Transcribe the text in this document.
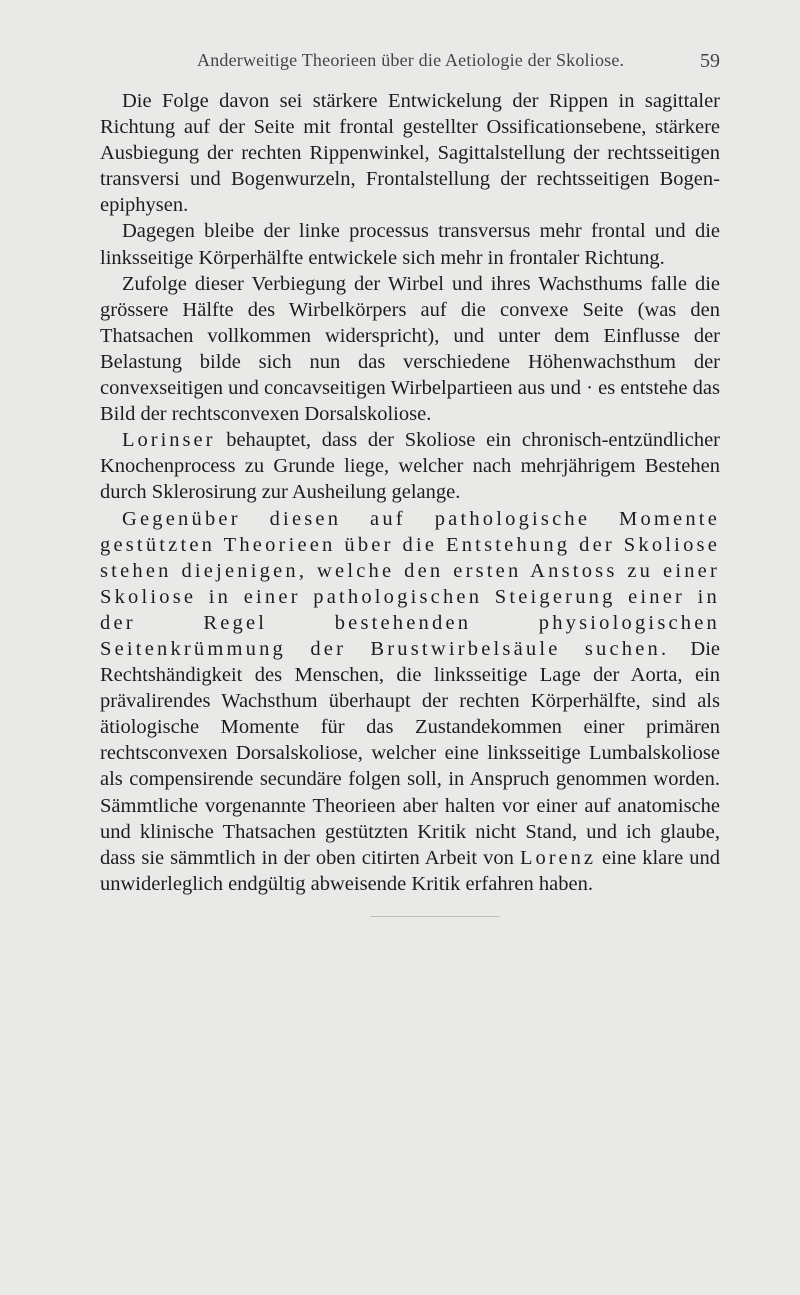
Anderweitige Theorieen über die Aetiologie der Skoliose.	59

Die Folge davon sei stärkere Entwickelung der Rippen in sagittaler Richtung auf der Seite mit frontal gestellter Ossificationsebene, stärkere Ausbiegung der rechten Rippenwinkel, Sagittalstellung der rechtsseitigen transversi und Bogenwurzeln, Frontalstellung der rechtsseitigen Bogen-epiphysen.

Dagegen bleibe der linke processus transversus mehr frontal und die linksseitige Körperhälfte entwickele sich mehr in frontaler Richtung.

Zufolge dieser Verbiegung der Wirbel und ihres Wachsthums falle die grössere Hälfte des Wirbelkörpers auf die convexe Seite (was den Thatsachen vollkommen widerspricht), und unter dem Einflusse der Belastung bilde sich nun das verschiedene Höhenwachsthum der convexseitigen und concavseitigen Wirbelpartieen aus und · es entstehe das Bild der rechtsconvexen Dorsalskoliose.

Lorinser behauptet, dass der Skoliose ein chronisch-entzündlicher Knochenprocess zu Grunde liege, welcher nach mehrjährigem Bestehen durch Sklerosirung zur Ausheilung gelange.

Gegenüber diesen auf pathologische Momente gestützten Theorieen über die Entstehung der Skoliose stehen diejenigen, welche den ersten Anstoss zu einer Skoliose in einer pathologischen Steigerung einer in der Regel bestehenden physiologischen Seitenkrümmung der Brustwirbelsäule suchen. Die Rechtshändigkeit des Menschen, die linksseitige Lage der Aorta, ein prävalirendes Wachsthum überhaupt der rechten Körperhälfte, sind als ätiologische Momente für das Zustandekommen einer primären rechtsconvexen Dorsalskoliose, welcher eine linksseitige Lumbalskoliose als compensirende secundäre folgen soll, in Anspruch genommen worden. Sämmtliche vorgenannte Theorieen aber halten vor einer auf anatomische und klinische Thatsachen gestützten Kritik nicht Stand, und ich glaube, dass sie sämmtlich in der oben citirten Arbeit von Lorenz eine klare und unwiderleglich endgültig abweisende Kritik erfahren haben.
